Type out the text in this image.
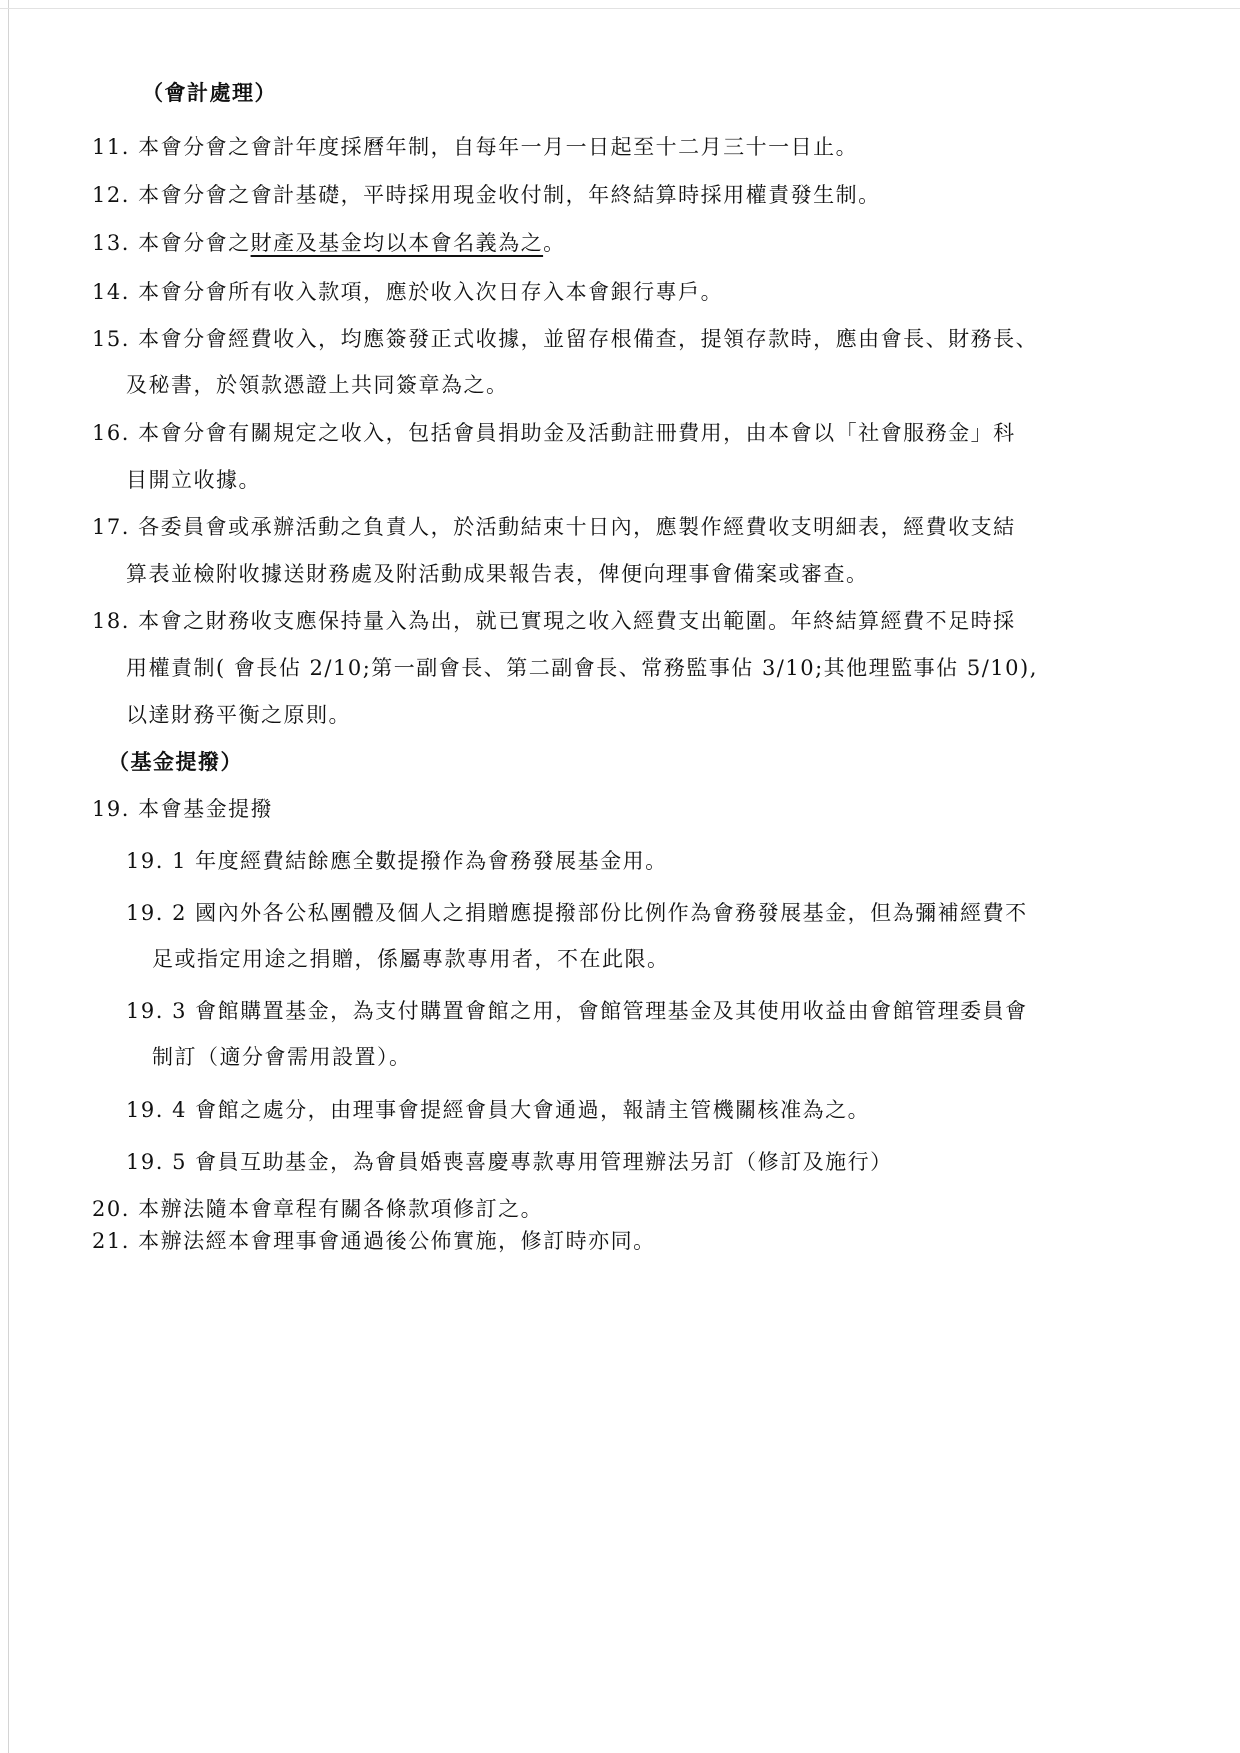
（會計處理）
11. 本會分會之會計年度採曆年制，自每年一月一日起至十二月三十一日止。
12. 本會分會之會計基礎，平時採用現金收付制，年終結算時採用權責發生制。
13. 本會分會之財產及基金均以本會名義為之。
14. 本會分會所有收入款項，應於收入次日存入本會銀行專戶。
15. 本會分會經費收入，均應簽發正式收據，並留存根備查，提領存款時，應由會長、財務長、
及秘書，於領款憑證上共同簽章為之。
16. 本會分會有關規定之收入，包括會員捐助金及活動註冊費用，由本會以「社會服務金」科
目開立收據。
17. 各委員會或承辦活動之負責人，於活動結束十日內，應製作經費收支明細表，經費收支結
算表並檢附收據送財務處及附活動成果報告表，俾便向理事會備案或審查。
18. 本會之財務收支應保持量入為出，就已實現之收入經費支出範圍。年終結算經費不足時採
用權責制( 會長佔 2/10;第一副會長、第二副會長、常務監事佔 3/10;其他理監事佔 5/10),
以達財務平衡之原則。
（基金提撥）
19. 本會基金提撥
19. 1 年度經費結餘應全數提撥作為會務發展基金用。
19. 2 國內外各公私團體及個人之捐贈應提撥部份比例作為會務發展基金，但為彌補經費不
足或指定用途之捐贈，係屬專款專用者，不在此限。
19. 3 會館購置基金，為支付購置會館之用，會館管理基金及其使用收益由會館管理委員會
制訂（適分會需用設置）。
19. 4 會館之處分，由理事會提經會員大會通過，報請主管機關核准為之。
19. 5 會員互助基金，為會員婚喪喜慶專款專用管理辦法另訂（修訂及施行）
20. 本辦法隨本會章程有關各條款項修訂之。
21. 本辦法經本會理事會通過後公佈實施，修訂時亦同。
